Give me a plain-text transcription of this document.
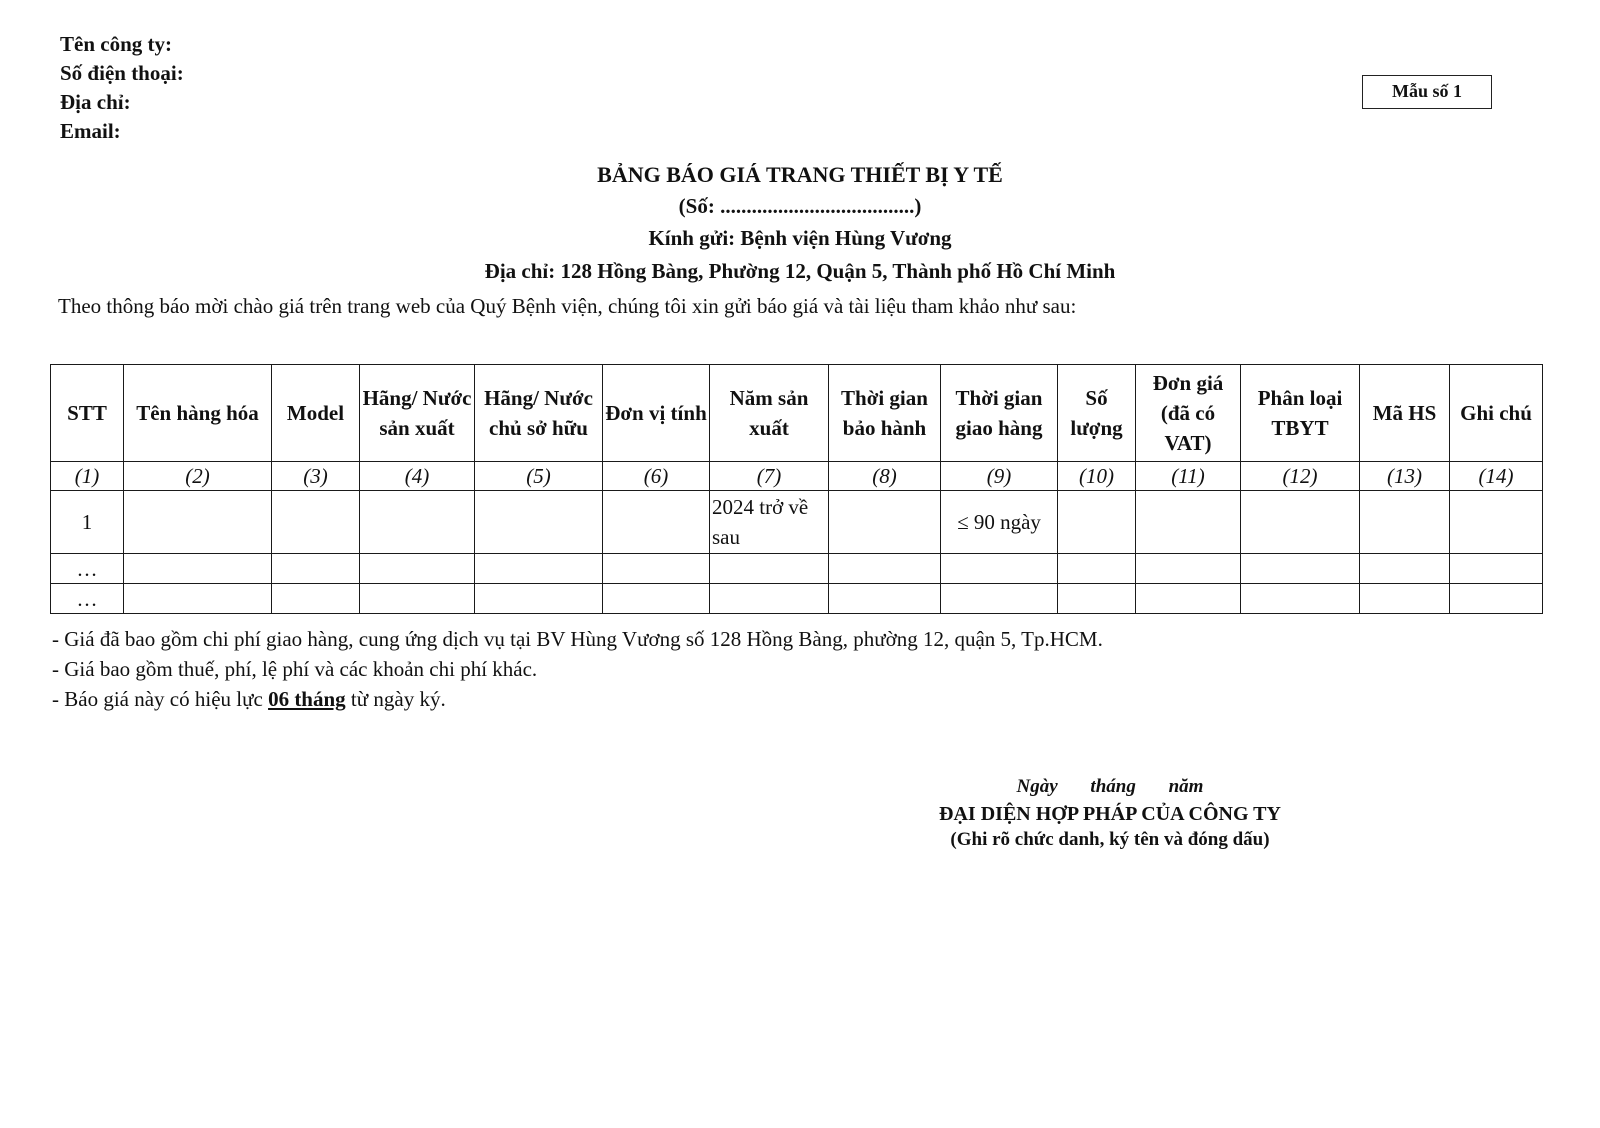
Tên công ty:
Số điện thoại:
Địa chỉ:
Email:
Mẫu số 1
BẢNG BÁO GIÁ TRANG THIẾT BỊ Y TẾ
(Số: .....................................)
Kính gửi: Bệnh viện Hùng Vương
Địa chỉ: 128 Hồng Bàng, Phường 12, Quận 5, Thành phố Hồ Chí Minh
Theo thông báo mời chào giá trên trang web của Quý Bệnh viện, chúng tôi xin gửi báo giá và tài liệu tham khảo như sau:
STT	Tên hàng hóa	Model	Hãng/ Nước sản xuất	Hãng/ Nước chủ sở hữu	Đơn vị tính	Năm sản xuất	Thời gian bảo hành	Thời gian giao hàng	Số lượng	Đơn giá (đã có VAT)	Phân loại TBYT	Mã HS	Ghi chú
(1)	(2)	(3)	(4)	(5)	(6)	(7)	(8)	(9)	(10)	(11)	(12)	(13)	(14)
1						2024 trở về sau		≤ 90 ngày					
…													
…													
- Giá đã bao gồm chi phí giao hàng, cung ứng dịch vụ tại BV Hùng Vương số 128 Hồng Bàng, phường 12, quận 5, Tp.HCM.
- Giá bao gồm thuế, phí, lệ phí và các khoản chi phí khác.
- Báo giá này có hiệu lực 06 tháng từ ngày ký.
Ngày tháng năm
ĐẠI DIỆN HỢP PHÁP CỦA CÔNG TY
(Ghi rõ chức danh, ký tên và đóng dấu)
